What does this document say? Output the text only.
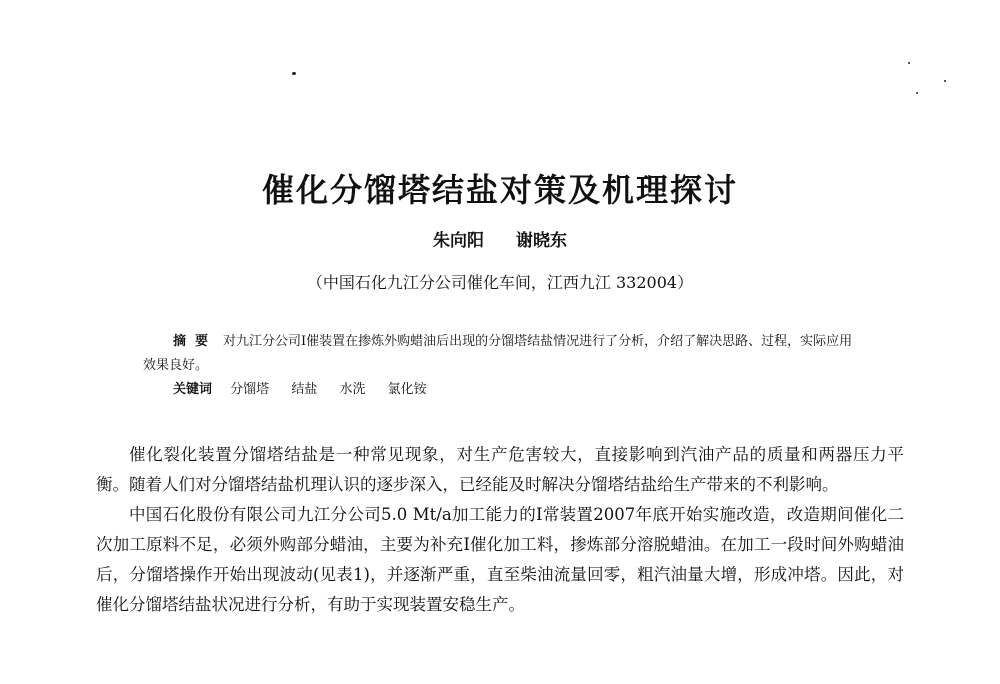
催化分馏塔结盐对策及机理探讨
朱向阳 谢晓东
（中国石化九江分公司催化车间，江西九江 332004）

摘要 对九江分公司Ⅰ催装置在掺炼外购蜡油后出现的分馏塔结盐情况进行了分析，介绍了解决思路、过程，实际应用效果良好。

关键词 分馏塔 结盐 水洗 氯化铵

催化裂化装置分馏塔结盐是一种常见现象，对生产危害较大，直接影响到汽油产品的质量和两器压力平衡。随着人们对分馏塔结盐机理认识的逐步深入，已经能及时解决分馏塔结盐给生产带来的不利影响。

中国石化股份有限公司九江分公司5.0 Mt/a加工能力的Ⅰ常装置2007年底开始实施改造，改造期间催化二次加工原料不足，必须外购部分蜡油，主要为补充Ⅰ催化加工料，掺炼部分溶脱蜡油。在加工一段时间外购蜡油后，分馏塔操作开始出现波动(见表1)，并逐渐严重，直至柴油流量回零，粗汽油量大增，形成冲塔。因此，对催化分馏塔结盐状况进行分析，有助于实现装置安稳生产。
